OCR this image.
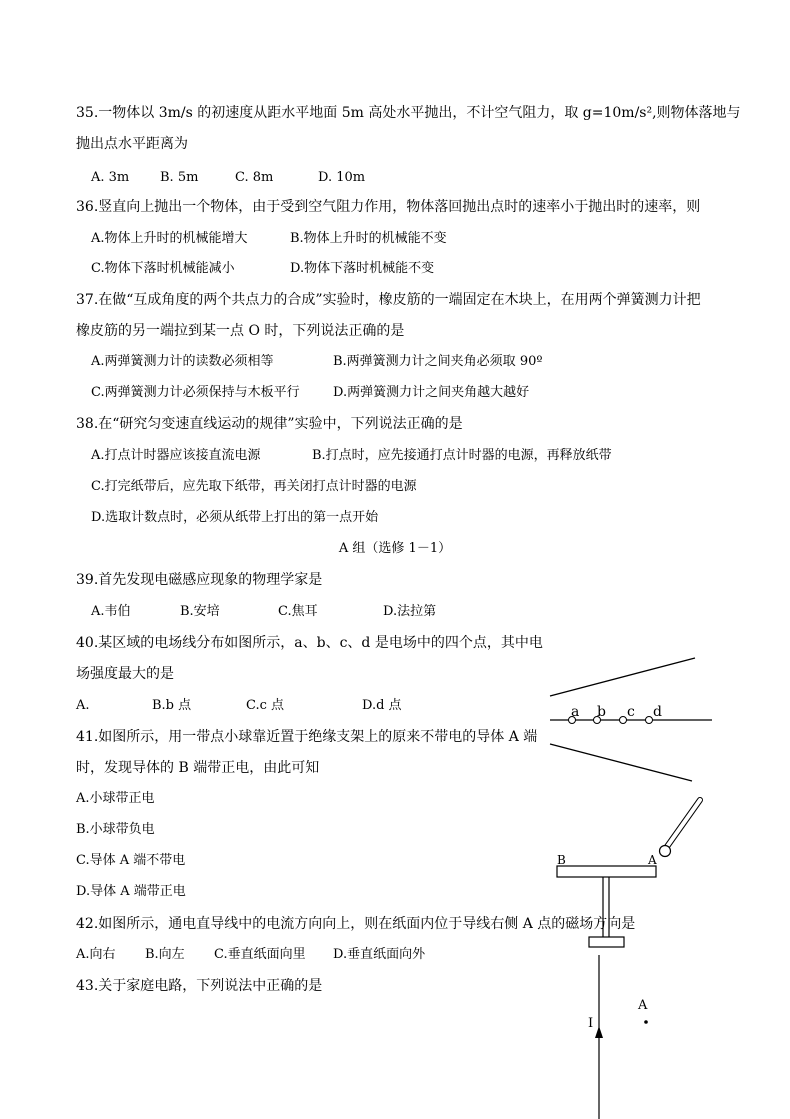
35.一物体以 3m/s 的初速度从距水平地面 5m 高处水平抛出，不计空气阻力，取 g=10m/s²,则物体落地与
抛出点水平距离为
A. 3m B. 5m	C. 8m	D. 10m
36.竖直向上抛出一个物体，由于受到空气阻力作用，物体落回抛出点时的速率小于抛出时的速率，则
A.物体上升时的机械能增大	B.物体上升时的机械能不变
C.物体下落时机械能减小	D.物体下落时机械能不变
37.在做“互成角度的两个共点力的合成”实验时，橡皮筋的一端固定在木块上，在用两个弹簧测力计把
橡皮筋的另一端拉到某一点 O 时，下列说法正确的是
A.两弹簧测力计的读数必须相等	B.两弹簧测力计之间夹角必须取 90º
C.两弹簧测力计必须保持与木板平行	D.两弹簧测力计之间夹角越大越好
38.在“研究匀变速直线运动的规律”实验中，下列说法正确的是
A.打点计时器应该接直流电源	B.打点时，应先接通打点计时器的电源，再释放纸带
C.打完纸带后，应先取下纸带，再关闭打点计时器的电源
D.选取计数点时，必须从纸带上打出的第一点开始
A 组（选修 1－1）
39.首先发现电磁感应现象的物理学家是
A.韦伯	B.安培	C.焦耳	D.法拉第
40.某区域的电场线分布如图所示，a、b、c、d 是电场中的四个点，其中电
场强度最大的是
A.	B.b 点	C.c 点	D.d 点
41.如图所示，用一带点小球靠近置于绝缘支架上的原来不带电的导体 A 端
时，发现导体的 B 端带正电，由此可知
A.小球带正电
B.小球带负电
C.导体 A 端不带电
D.导体 A 端带正电
42.如图所示，通电直导线中的电流方向向上，则在纸面内位于导线右侧 A 点的磁场方向是
A.向右 B.向左 C.垂直纸面向里 D.垂直纸面向外
43.关于家庭电路，下列说法中正确的是
a b c d
B	A
I
A
